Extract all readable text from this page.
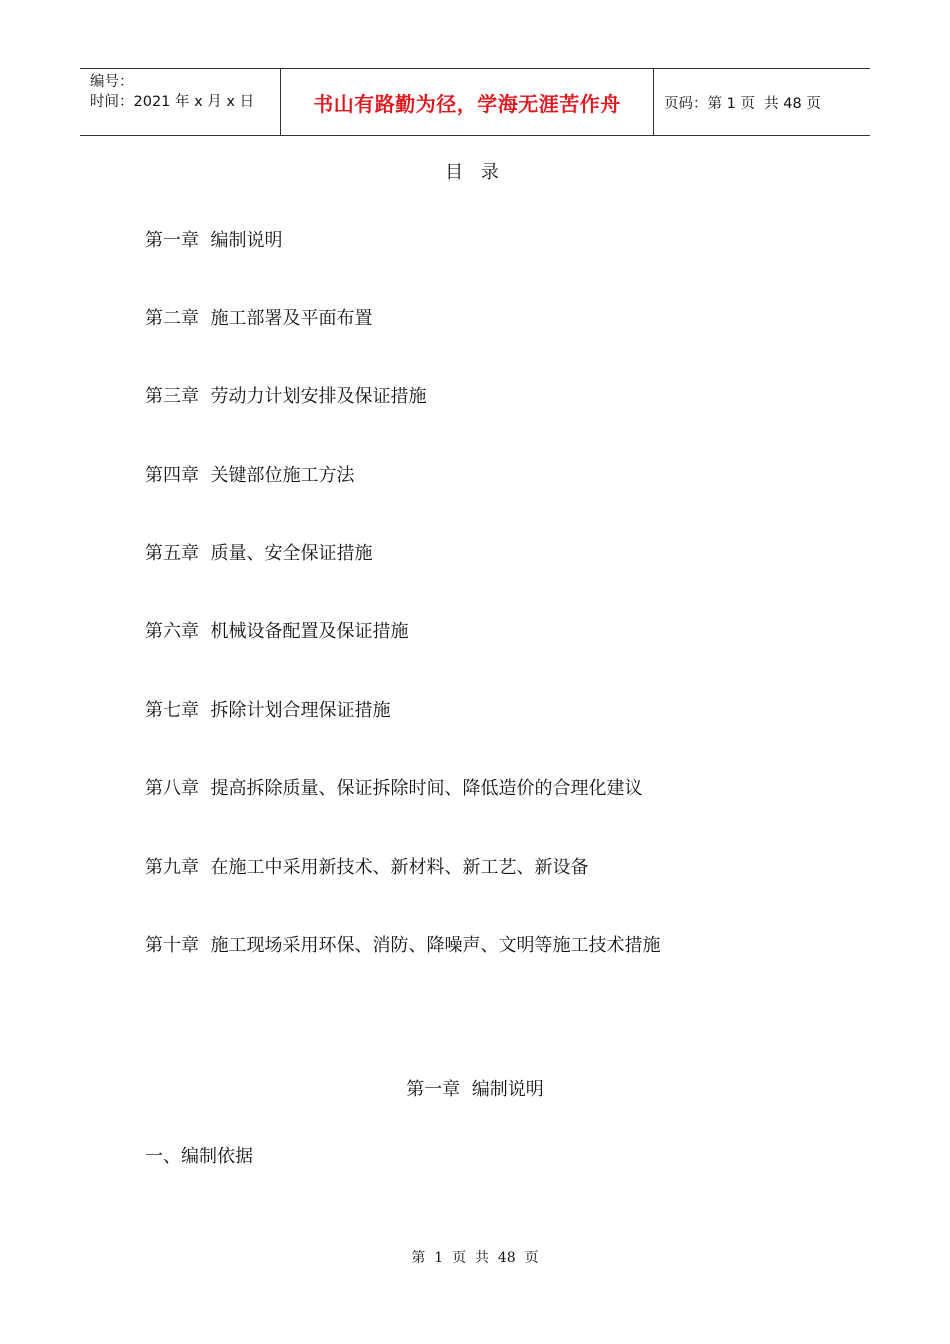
编号：
时间：2021 年 x 月 x 日	书山有路勤为径，学海无涯苦作舟	页码：第 1 页  共 48 页
目 录
第一章  编制说明
第二章  施工部署及平面布置
第三章  劳动力计划安排及保证措施
第四章  关键部位施工方法
第五章  质量、安全保证措施
第六章  机械设备配置及保证措施
第七章  拆除计划合理保证措施
第八章  提高拆除质量、保证拆除时间、降低造价的合理化建议
第九章  在施工中采用新技术、新材料、新工艺、新设备
第十章  施工现场采用环保、消防、降噪声、文明等施工技术措施
第一章  编制说明
一、编制依据
第  1  页  共  48  页
